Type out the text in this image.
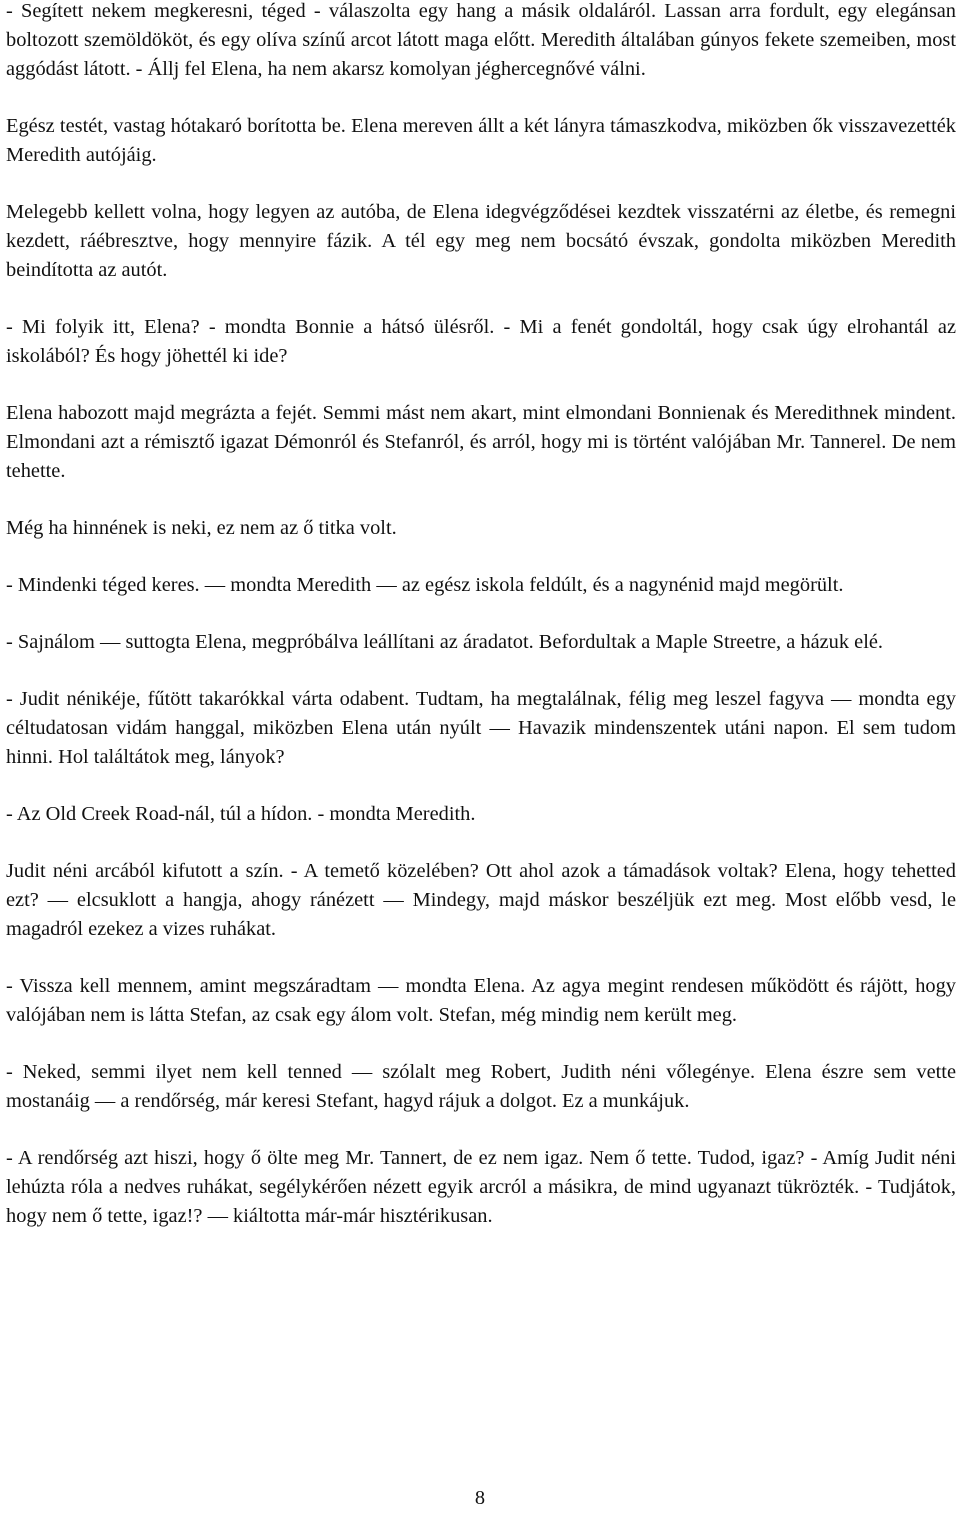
- Segített nekem megkeresni, téged - válaszolta egy hang a másik oldaláról. Lassan arra fordult, egy elegánsan boltozott szemöldököt, és egy olíva színű arcot látott maga előtt. Meredith általában gúnyos fekete szemeiben, most aggódást látott. - Állj fel Elena, ha nem akarsz komolyan jéghercegnővé válni.

Egész testét, vastag hótakaró borította be. Elena mereven állt a két lányra támaszkodva, miközben ők visszavezették Meredith autójáig.

Melegebb kellett volna, hogy legyen az autóba, de Elena idegvégződései kezdtek visszatérni az életbe, és remegni kezdett, ráébresztve, hogy mennyire fázik. A tél egy meg nem bocsátó évszak, gondolta miközben Meredith beindította az autót.

- Mi folyik itt, Elena? - mondta Bonnie a hátsó ülésről. - Mi a fenét gondoltál, hogy csak úgy elrohantál az iskolából? És hogy jöhettél ki ide?

Elena habozott majd megrázta a fejét. Semmi mást nem akart, mint elmondani Bonnienak és Meredithnek mindent. Elmondani azt a rémisztő igazat Démonról és Stefanról, és arról, hogy mi is történt valójában Mr. Tannerel. De nem tehette.

Még ha hinnének is neki, ez nem az ő titka volt.

- Mindenki téged keres. ― mondta Meredith ― az egész iskola feldúlt, és a nagynénid majd megörült.

- Sajnálom ― suttogta Elena, megpróbálva leállítani az áradatot. Befordultak a Maple Streetre, a házuk elé.

- Judit nénikéje, fűtött takarókkal várta odabent. Tudtam, ha megtalálnak, félig meg leszel fagyva ― mondta egy céltudatosan vidám hanggal, miközben Elena után nyúlt ― Havazik mindenszentek utáni napon. El sem tudom hinni. Hol találtátok meg, lányok?

- Az Old Creek Road-nál, túl a hídon. - mondta Meredith.

Judit néni arcából kifutott a szín. - A temető közelében? Ott ahol azok a támadások voltak? Elena, hogy tehetted ezt? ― elcsuklott a hangja, ahogy ránézett ― Mindegy, majd máskor beszéljük ezt meg. Most előbb vesd, le magadról ezekez a vizes ruhákat.

- Vissza kell mennem, amint megszáradtam ― mondta Elena. Az agya megint rendesen működött és rájött, hogy valójában nem is látta Stefan, az csak egy álom volt. Stefan, még mindig nem került meg.

- Neked, semmi ilyet nem kell tenned ― szólalt meg Robert, Judith néni vőlegénye. Elena észre sem vette mostanáig ― a rendőrség, már keresi Stefant, hagyd rájuk a dolgot. Ez a munkájuk.

- A rendőrség azt hiszi, hogy ő ölte meg Mr. Tannert, de ez nem igaz. Nem ő tette. Tudod, igaz? - Amíg Judit néni lehúzta róla a nedves ruhákat, segélykérően nézett egyik arcról a másikra, de mind ugyanazt tükrözték. - Tudjátok, hogy nem ő tette, igaz!? ― kiáltotta már-már hisztérikusan.

8
